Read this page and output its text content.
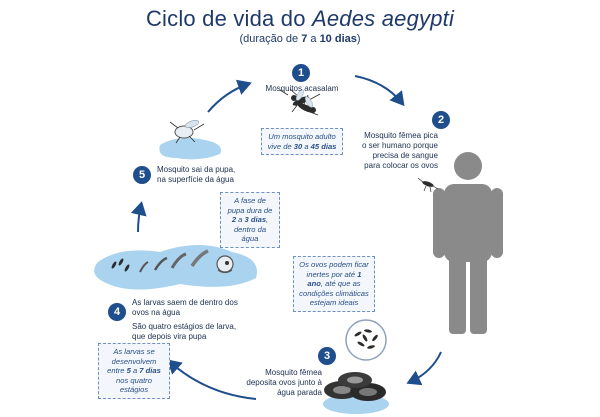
Ciclo de vida do Aedes aegypti
(duração de 7 a 10 dias)
1
Mosquitos acasalam
Um mosquito adulto vive de 30 a 45 dias
2
Mosquito fêmea pica
o ser humano porque
precisa de sangue
para colocar os ovos
3
Mosquito fêmea
deposita ovos junto à
água parada
Os ovos podem ficar inertes por até 1 ano, até que as condições climáticas estejam ideais
4
As larvas saem de dentro dos
ovos na água
São quatro estágios de larva,
que depois vira pupa
As larvas se desenvolvem entre 5 a 7 dias nos quatro estágios
5	Mosquito sai da pupa,
na superfície da água
A fase de pupa dura de 2 a 3 dias, dentro da água
